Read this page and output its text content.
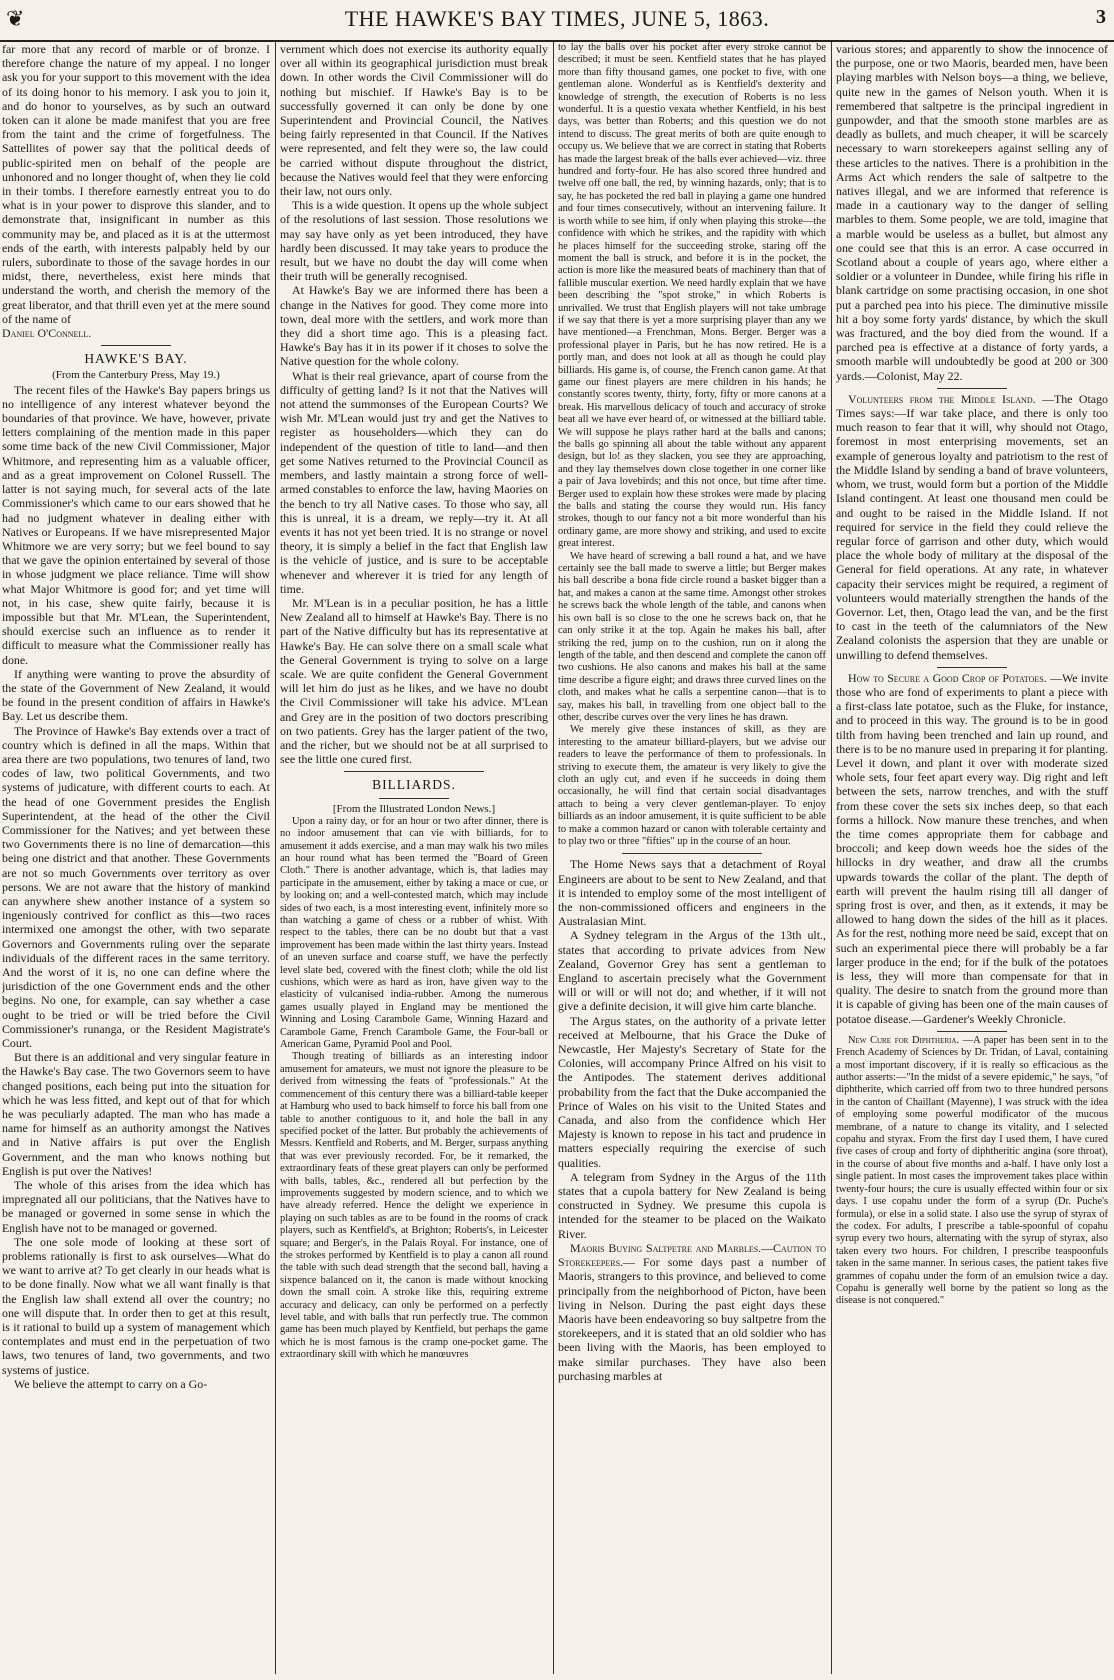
❦	THE HAWKE'S BAY TIMES, JUNE 5, 1863.	3

far more that any record of marble or of bronze. I therefore change the nature of my appeal. I no longer ask you for your support to this movement with the idea of its doing honor to his memory. I ask you to join it, and do honor to yourselves, as by such an outward token can it alone be made manifest that you are free from the taint and the crime of forgetfulness. The Sattellites of power say that the political deeds of public-spirited men on behalf of the people are unhonored and no longer thought of, when they lie cold in their tombs. I therefore earnestly entreat you to do what is in your power to disprove this slander, and to demonstrate that, insignificant in number as this community may be, and placed as it is at the uttermost ends of the earth, with interests palpably held by our rulers, subordinate to those of the savage hordes in our midst, there, nevertheless, exist here minds that understand the worth, and cherish the memory of the great liberator, and that thrill even yet at the mere sound of the name of

Daniel O'Connell.

HAWKE'S BAY.

(From the Canterbury Press, May 19.)

The recent files of the Hawke's Bay papers brings us no intelligence of any interest whatever beyond the boundaries of that province. We have, however, private letters complaining of the mention made in this paper some time back of the new Civil Commissioner, Major Whitmore, and representing him as a valuable officer, and as a great improvement on Colonel Russell. The latter is not saying much, for several acts of the late Commissioner's which came to our ears showed that he had no judgment whatever in dealing either with Natives or Europeans. If we have misrepresented Major Whitmore we are very sorry; but we feel bound to say that we gave the opinion entertained by several of those in whose judgment we place reliance. Time will show what Major Whitmore is good for; and yet time will not, in his case, shew quite fairly, because it is impossible but that Mr. M'Lean, the Superintendent, should exercise such an influence as to render it difficult to measure what the Commissioner really has done.

If anything were wanting to prove the absurdity of the state of the Government of New Zealand, it would be found in the present condition of affairs in Hawke's Bay. Let us describe them.

The Province of Hawke's Bay extends over a tract of country which is defined in all the maps. Within that area there are two populations, two tenures of land, two codes of law, two political Governments, and two systems of judicature, with different courts to each. At the head of one Government presides the English Superintendent, at the head of the other the Civil Commissioner for the Natives; and yet between these two Governments there is no line of demarcation—this being one district and that another. These Governments are not so much Governments over territory as over persons. We are not aware that the history of mankind can anywhere shew another instance of a system so ingeniously contrived for conflict as this—two races intermixed one amongst the other, with two separate Governors and Governments ruling over the separate individuals of the different races in the same territory. And the worst of it is, no one can define where the jurisdiction of the one Government ends and the other begins. No one, for example, can say whether a case ought to be tried or will be tried before the Civil Commissioner's runanga, or the Resident Magistrate's Court.

But there is an additional and very singular feature in the Hawke's Bay case. The two Governors seem to have changed positions, each being put into the situation for which he was less fitted, and kept out of that for which he was peculiarly adapted. The man who has made a name for himself as an authority amongst the Natives and in Native affairs is put over the English Government, and the man who knows nothing but English is put over the Natives!

The whole of this arises from the idea which has impregnated all our politicians, that the Natives have to be managed or governed in some sense in which the English have not to be managed or governed.

The one sole mode of looking at these sort of problems rationally is first to ask ourselves—What do we want to arrive at? To get clearly in our heads what is to be done finally. Now what we all want finally is that the English law shall extend all over the country; no one will dispute that. In order then to get at this result, is it rational to build up a system of management which contemplates and must end in the perpetuation of two laws, two tenures of land, two governments, and two systems of justice.

We believe the attempt to carry on a Go-

vernment which does not exercise its authority equally over all within its geographical jurisdiction must break down. In other words the Civil Commissioner will do nothing but mischief. If Hawke's Bay is to be successfully governed it can only be done by one Superintendent and Provincial Council, the Natives being fairly represented in that Council. If the Natives were represented, and felt they were so, the law could be carried without dispute throughout the district, because the Natives would feel that they were enforcing their law, not ours only.

This is a wide question. It opens up the whole subject of the resolutions of last session. Those resolutions we may say have only as yet been introduced, they have hardly been discussed. It may take years to produce the result, but we have no doubt the day will come when their truth will be generally recognised.

At Hawke's Bay we are informed there has been a change in the Natives for good. They come more into town, deal more with the settlers, and work more than they did a short time ago. This is a pleasing fact. Hawke's Bay has it in its power if it choses to solve the Native question for the whole colony.

What is their real grievance, apart of course from the difficulty of getting land? Is it not that the Natives will not attend the summonses of the European Courts? We wish Mr. M'Lean would just try and get the Natives to register as householders—which they can do independent of the question of title to land—and then get some Natives returned to the Provincial Council as members, and lastly maintain a strong force of well-armed constables to enforce the law, having Maories on the bench to try all Native cases. To those who say, all this is unreal, it is a dream, we reply—try it. At all events it has not yet been tried. It is no strange or novel theory, it is simply a belief in the fact that English law is the vehicle of justice, and is sure to be acceptable whenever and wherever it is tried for any length of time.

Mr. M'Lean is in a peculiar position, he has a little New Zealand all to himself at Hawke's Bay. There is no part of the Native difficulty but has its representative at Hawke's Bay. He can solve there on a small scale what the General Government is trying to solve on a large scale. We are quite confident the General Government will let him do just as he likes, and we have no doubt the Civil Commissioner will take his advice. M'Lean and Grey are in the position of two doctors prescribing on two patients. Grey has the larger patient of the two, and the richer, but we should not be at all surprised to see the little one cured first.

BILLIARDS.

[From the Illustrated London News.]

Upon a rainy day, or for an hour or two after dinner, there is no indoor amusement that can vie with billiards, for to amusement it adds exercise, and a man may walk his two miles an hour round what has been termed the "Board of Green Cloth." There is another advantage, which is, that ladies may participate in the amusement, either by taking a mace or cue, or by looking on; and a well-contested match, which may include sides of two each, is a most interesting event, infinitely more so than watching a game of chess or a rubber of whist. With respect to the tables, there can be no doubt but that a vast improvement has been made within the last thirty years. Instead of an uneven surface and coarse stuff, we have the perfectly level slate bed, covered with the finest cloth; while the old list cushions, which were as hard as iron, have given way to the elasticity of vulcanised india-rubber. Among the numerous games usually played in England may be mentioned the Winning and Losing Carambole Game, Winning Hazard and Carambole Game, French Carambole Game, the Four-ball or American Game, Pyramid Pool and Pool.

Though treating of billiards as an interesting indoor amusement for amateurs, we must not ignore the pleasure to be derived from witnessing the feats of "professionals." At the commencement of this century there was a billiard-table keeper at Hamburg who used to back himself to force his ball from one table to another contiguous to it, and hole the ball in any specified pocket of the latter. But probably the achievements of Messrs. Kentfield and Roberts, and M. Berger, surpass anything that was ever previously recorded. For, be it remarked, the extraordinary feats of these great players can only be performed with balls, tables, &c., rendered all but perfection by the improvements suggested by modern science, and to which we have already referred. Hence the delight we experience in playing on such tables as are to be found in the rooms of crack players, such as Kentfield's, at Brighton; Roberts's, in Leicester square; and Berger's, in the Palais Royal. For instance, one of the strokes performed by Kentfield is to play a canon all round the table with such dead strength that the second ball, having a sixpence balanced on it, the canon is made without knocking down the small coin. A stroke like this, requiring extreme accuracy and delicacy, can only be performed on a perfectly level table, and with balls that run perfectly true. The common game has been much played by Kentfield, but perhaps the game which he is most famous is the cramp one-pocket game. The extraordinary skill with which he manœuvres

to lay the balls over his pocket after every stroke cannot be described; it must be seen. Kentfield states that he has played more than fifty thousand games, one pocket to five, with one gentleman alone. Wonderful as is Kentfield's dexterity and knowledge of strength, the execution of Roberts is no less wonderful. It is a questio vexata whether Kentfield, in his best days, was better than Roberts; and this question we do not intend to discuss. The great merits of both are quite enough to occupy us. We believe that we are correct in stating that Roberts has made the largest break of the balls ever achieved—viz. three hundred and forty-four. He has also scored three hundred and twelve off one ball, the red, by winning hazards, only; that is to say, he has pocketed the red ball in playing a game one hundred and four times consecutively, without an intervening failure. It is worth while to see him, if only when playing this stroke—the confidence with which he strikes, and the rapidity with which he places himself for the succeeding stroke, staring off the moment the ball is struck, and before it is in the pocket, the action is more like the measured beats of machinery than that of fallible muscular exertion. We need hardly explain that we have been describing the "spot stroke," in which Roberts is unrivalled. We trust that English players will not take umbrage if we say that there is yet a more surprising player than any we have mentioned—a Frenchman, Mons. Berger. Berger was a professional player in Paris, but he has now retired. He is a portly man, and does not look at all as though he could play billiards. His game is, of course, the French canon game. At that game our finest players are mere children in his hands; he constantly scores twenty, thirty, forty, fifty or more canons at a break. His marvellous delicacy of touch and accuracy of stroke beat all we have ever heard of, or witnessed at the billiard table. We will suppose he plays rather hard at the balls and canons; the balls go spinning all about the table without any apparent design, but lo! as they slacken, you see they are approaching, and they lay themselves down close together in one corner like a pair of Java lovebirds; and this not once, but time after time. Berger used to explain how these strokes were made by placing the balls and stating the course they would run. His fancy strokes, though to our fancy not a bit more wonderful than his ordinary game, are more showy and striking, and used to excite great interest.

We have heard of screwing a ball round a hat, and we have certainly see the ball made to swerve a little; but Berger makes his ball describe a bona fide circle round a basket bigger than a hat, and makes a canon at the same time. Amongst other strokes he screws back the whole length of the table, and canons when his own ball is so close to the one he screws back on, that he can only strike it at the top. Again he makes his ball, after striking the red, jump on to the cushion, run on it along the length of the table, and then descend and complete the canon off two cushions. He also canons and makes his ball at the same time describe a figure eight; and draws three curved lines on the cloth, and makes what he calls a serpentine canon—that is to say, makes his ball, in travelling from one object ball to the other, describe curves over the very lines he has drawn.

We merely give these instances of skill, as they are interesting to the amateur billiard-players, but we advise our readers to leave the performance of them to professionals. In striving to execute them, the amateur is very likely to give the cloth an ugly cut, and even if he succeeds in doing them occasionally, he will find that certain social disadvantages attach to being a very clever gentleman-player. To enjoy billiards as an indoor amusement, it is quite sufficient to be able to make a common hazard or canon with tolerable certainty and to play two or three "fifties" up in the course of an hour.

The Home News says that a detachment of Royal Engineers are about to be sent to New Zealand, and that it is intended to employ some of the most intelligent of the non-commissioned officers and engineers in the Australasian Mint.

A Sydney telegram in the Argus of the 13th ult., states that according to private advices from New Zealand, Governor Grey has sent a gentleman to England to ascertain precisely what the Government will or will or will not do; and whether, if it will not give a definite decision, it will give him carte blanche.

The Argus states, on the authority of a private letter received at Melbourne, that his Grace the Duke of Newcastle, Her Majesty's Secretary of State for the Colonies, will accompany Prince Alfred on his visit to the Antipodes. The statement derives additional probability from the fact that the Duke accompanied the Prince of Wales on his visit to the United States and Canada, and also from the confidence which Her Majesty is known to repose in his tact and prudence in matters especially requiring the exercise of such qualities.

A telegram from Sydney in the Argus of the 11th states that a cupola battery for New Zealand is being constructed in Sydney. We presume this cupola is intended for the steamer to be placed on the Waikato River.

Maoris Buying Saltpetre and Marbles.—Caution to Storekeepers.— For some days past a number of Maoris, strangers to this province, and believed to come principally from the neighborhood of Picton, have been living in Nelson. During the past eight days these Maoris have been endeavoring so buy saltpetre from the storekeepers, and it is stated that an old soldier who has been living with the Maoris, has been employed to make similar purchases. They have also been purchasing marbles at

various stores; and apparently to show the innocence of the purpose, one or two Maoris, bearded men, have been playing marbles with Nelson boys—a thing, we believe, quite new in the games of Nelson youth. When it is remembered that saltpetre is the principal ingredient in gunpowder, and that the smooth stone marbles are as deadly as bullets, and much cheaper, it will be scarcely necessary to warn storekeepers against selling any of these articles to the natives. There is a prohibition in the Arms Act which renders the sale of saltpetre to the natives illegal, and we are informed that reference is made in a cautionary way to the danger of selling marbles to them. Some people, we are told, imagine that a marble would be useless as a bullet, but almost any one could see that this is an error. A case occurred in Scotland about a couple of years ago, where either a soldier or a volunteer in Dundee, while firing his rifle in blank cartridge on some practising occasion, in one shot put a parched pea into his piece. The diminutive missile hit a boy some forty yards' distance, by which the skull was fractured, and the boy died from the wound. If a parched pea is effective at a distance of forty yards, a smooth marble will undoubtedly be good at 200 or 300 yards.—Colonist, May 22.

Volunteers from the Middle Island. —The Otago Times says:—If war take place, and there is only too much reason to fear that it will, why should not Otago, foremost in most enterprising movements, set an example of generous loyalty and patriotism to the rest of the Middle Island by sending a band of brave volunteers, whom, we trust, would form but a portion of the Middle Island contingent. At least one thousand men could be and ought to be raised in the Middle Island. If not required for service in the field they could relieve the regular force of garrison and other duty, which would place the whole body of military at the disposal of the General for field operations. At any rate, in whatever capacity their services might be required, a regiment of volunteers would materially strengthen the hands of the Governor. Let, then, Otago lead the van, and be the first to cast in the teeth of the calumniators of the New Zealand colonists the aspersion that they are unable or unwilling to defend themselves.

How to Secure a Good Crop of Potatoes. —We invite those who are fond of experiments to plant a piece with a first-class late potatoe, such as the Fluke, for instance, and to proceed in this way. The ground is to be in good tilth from having been trenched and lain up round, and there is to be no manure used in preparing it for planting. Level it down, and plant it over with moderate sized whole sets, four feet apart every way. Dig right and left between the sets, narrow trenches, and with the stuff from these cover the sets six inches deep, so that each forms a hillock. Now manure these trenches, and when the time comes appropriate them for cabbage and broccoli; and keep down weeds hoe the sides of the hillocks in dry weather, and draw all the crumbs upwards towards the collar of the plant. The depth of earth will prevent the haulm rising till all danger of spring frost is over, and then, as it extends, it may be allowed to hang down the sides of the hill as it places. As for the rest, nothing more need be said, except that on such an experimental piece there will probably be a far larger produce in the end; for if the bulk of the potatoes is less, they will more than compensate for that in quality. The desire to snatch from the ground more than it is capable of giving has been one of the main causes of potatoe disease.—Gardener's Weekly Chronicle.

New Cure for Diphtheria. —A paper has been sent in to the French Academy of Sciences by Dr. Tridan, of Laval, containing a most important discovery, if it is really so efficacious as the author asserts:—"In the midst of a severe epidemic," he says, "of diphtherite, which carried off from two to three hundred persons in the canton of Chaillant (Mayenne), I was struck with the idea of employing some powerful modificator of the mucous membrane, of a nature to change its vitality, and I selected copahu and styrax. From the first day I used them, I have cured five cases of croup and forty of diphtheritic angina (sore throat), in the course of about five months and a-half. I have only lost a single patient. In most cases the improvement takes place within twenty-four hours; the cure is usually effected within four or six days. I use copahu under the form of a syrup (Dr. Puche's formula), or else in a solid state. I also use the syrup of styrax of the codex. For adults, I prescribe a table-spoonful of copahu syrup every two hours, alternating with the syrup of styrax, also taken every two hours. For children, I prescribe teaspoonfuls taken in the same manner. In serious cases, the patient takes five grammes of copahu under the form of an emulsion twice a day. Copahu is generally well borne by the patient so long as the disease is not conquered."
